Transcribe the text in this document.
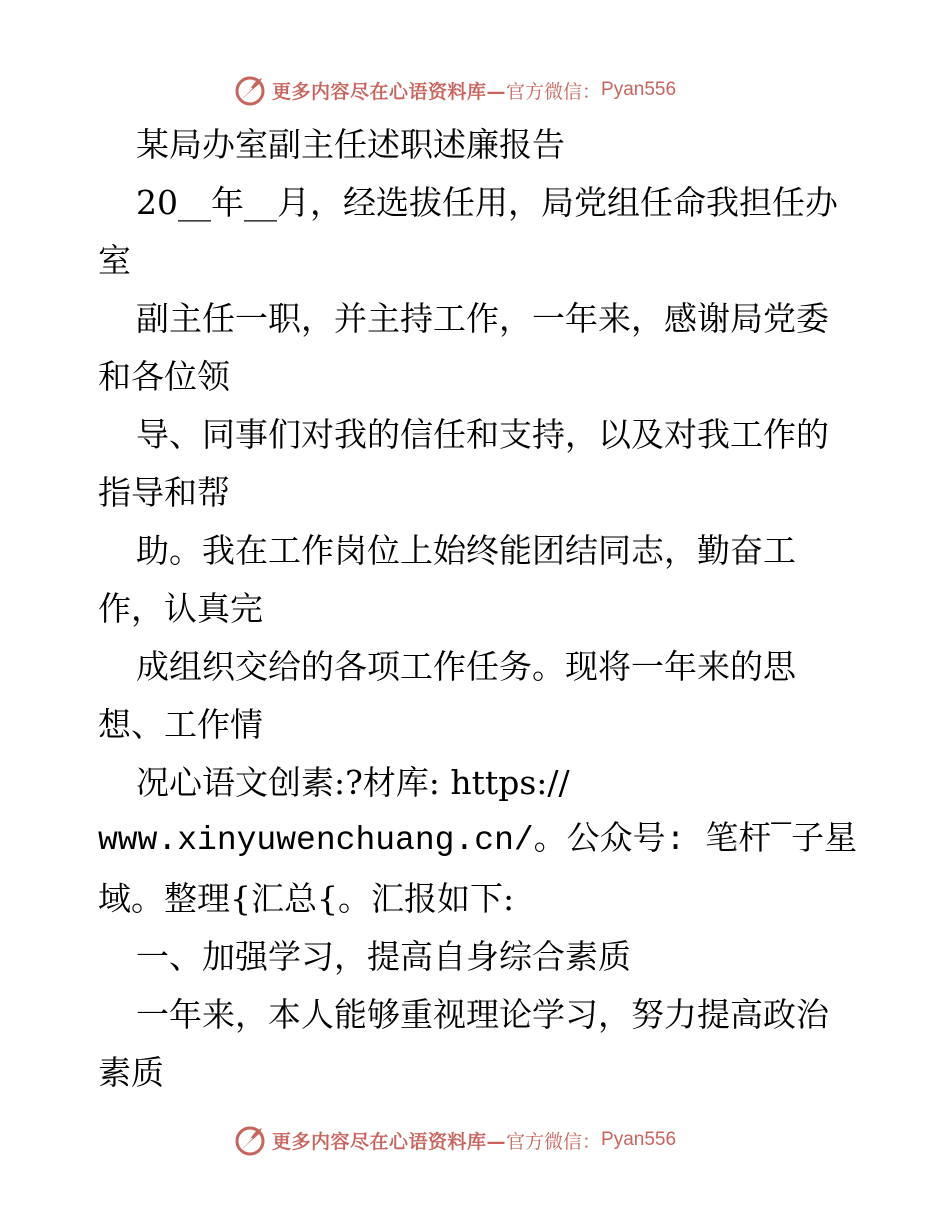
更多内容尽在心语资料库— 官方微信： Pyan556
某局办室副主任述职述廉报告
20__年__月，经选拔任用，局党组任命我担任办
室
副主任一职，并主持工作，一年来，感谢局党委
和各位领
导、同事们对我的信任和支持，以及对我工作的
指导和帮
助。我在工作岗位上始终能团结同志，勤奋工
作，认真完
成组织交给的各项工作任务。现将一年来的思
想、工作情
况心语文创素:?材库: https://
www.xinyuwenchuang.cn/。公众号: 笔杆¯子星
域。整理{汇总{。汇报如下:
一、加强学习，提高自身综合素质
一年来，本人能够重视理论学习，努力提高政治
素质
更多内容尽在心语资料库— 官方微信： Pyan556
